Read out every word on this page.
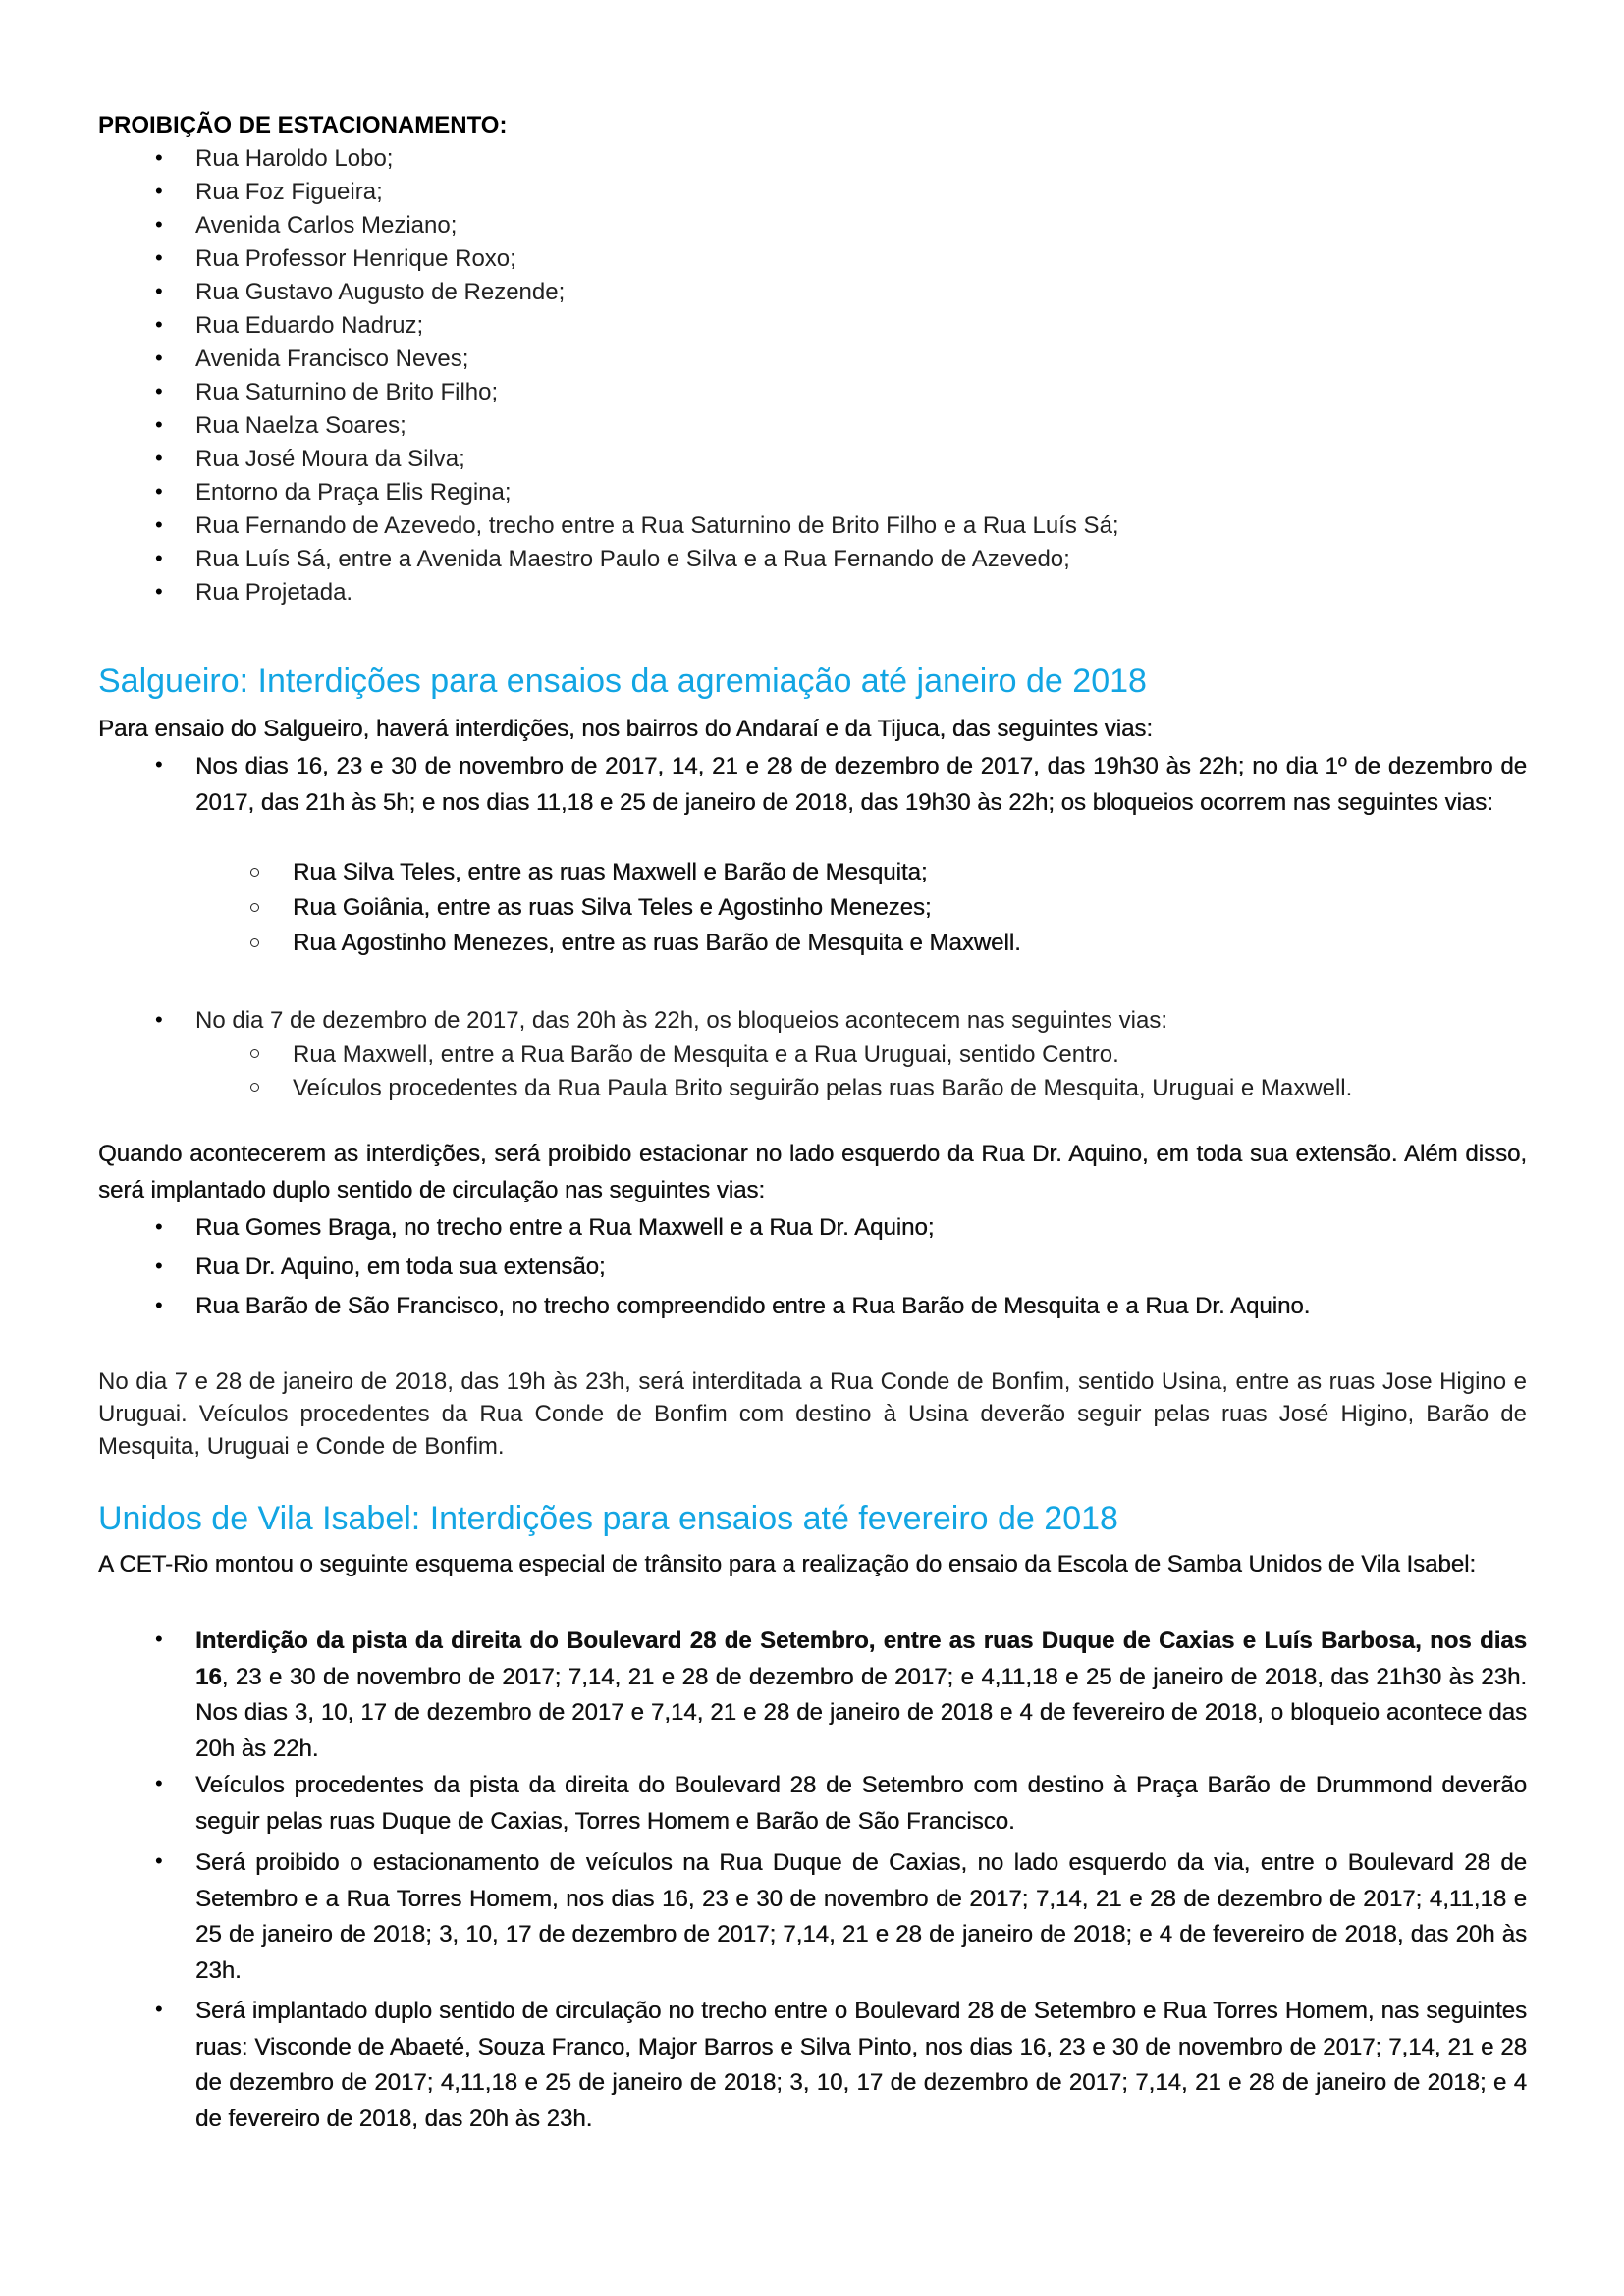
PROIBIÇÃO DE ESTACIONAMENTO:
• Rua Haroldo Lobo;
• Rua Foz Figueira;
• Avenida Carlos Meziano;
• Rua Professor Henrique Roxo;
• Rua Gustavo Augusto de Rezende;
• Rua Eduardo Nadruz;
• Avenida Francisco Neves;
• Rua Saturnino de Brito Filho;
• Rua Naelza Soares;
• Rua José Moura da Silva;
• Entorno da Praça Elis Regina;
• Rua Fernando de Azevedo, trecho entre a Rua Saturnino de Brito Filho e a Rua Luís Sá;
• Rua Luís Sá, entre a Avenida Maestro Paulo e Silva e a Rua Fernando de Azevedo;
• Rua Projetada.
Salgueiro: Interdições para ensaios da agremiação até janeiro de 2018
Para ensaio do Salgueiro, haverá interdições, nos bairros do Andaraí e da Tijuca, das seguintes vias:
• Nos dias 16, 23 e 30 de novembro de 2017, 14, 21 e 28 de dezembro de 2017, das 19h30 às 22h; no dia 1º de dezembro de 2017, das 21h às 5h; e nos dias 11,18 e 25 de janeiro de 2018, das 19h30 às 22h; os bloqueios ocorrem nas seguintes vias:
Rua Silva Teles, entre as ruas Maxwell e Barão de Mesquita;
Rua Goiânia, entre as ruas Silva Teles e Agostinho Menezes;
Rua Agostinho Menezes, entre as ruas Barão de Mesquita e Maxwell.
• No dia 7 de dezembro de 2017, das 20h às 22h, os bloqueios acontecem nas seguintes vias:
Rua Maxwell, entre a Rua Barão de Mesquita e a Rua Uruguai, sentido Centro.
Veículos procedentes da Rua Paula Brito seguirão pelas ruas Barão de Mesquita, Uruguai e Maxwell.
Quando acontecerem as interdições, será proibido estacionar no lado esquerdo da Rua Dr. Aquino, em toda sua extensão. Além disso, será implantado duplo sentido de circulação nas seguintes vias:
• Rua Gomes Braga, no trecho entre a Rua Maxwell e a Rua Dr. Aquino;
• Rua Dr. Aquino, em toda sua extensão;
• Rua Barão de São Francisco, no trecho compreendido entre a Rua Barão de Mesquita e a Rua Dr. Aquino.
No dia 7 e 28 de janeiro de 2018, das 19h às 23h, será interditada a Rua Conde de Bonfim, sentido Usina, entre as ruas Jose Higino e Uruguai. Veículos procedentes da Rua Conde de Bonfim com destino à Usina deverão seguir pelas ruas José Higino, Barão de Mesquita, Uruguai e Conde de Bonfim.
Unidos de Vila Isabel: Interdições para ensaios até fevereiro de 2018
A CET-Rio montou o seguinte esquema especial de trânsito para a realização do ensaio da Escola de Samba Unidos de Vila Isabel:
• Interdição da pista da direita do Boulevard 28 de Setembro, entre as ruas Duque de Caxias e Luís Barbosa, nos dias 16, 23 e 30 de novembro de 2017; 7,14, 21 e 28 de dezembro de 2017; e 4,11,18 e 25 de janeiro de 2018, das 21h30 às 23h. Nos dias 3, 10, 17 de dezembro de 2017 e 7,14, 21 e 28 de janeiro de 2018 e 4 de fevereiro de 2018, o bloqueio acontece das 20h às 22h.
• Veículos procedentes da pista da direita do Boulevard 28 de Setembro com destino à Praça Barão de Drummond deverão seguir pelas ruas Duque de Caxias, Torres Homem e Barão de São Francisco.
• Será proibido o estacionamento de veículos na Rua Duque de Caxias, no lado esquerdo da via, entre o Boulevard 28 de Setembro e a Rua Torres Homem, nos dias 16, 23 e 30 de novembro de 2017; 7,14, 21 e 28 de dezembro de 2017; 4,11,18 e 25 de janeiro de 2018; 3, 10, 17 de dezembro de 2017; 7,14, 21 e 28 de janeiro de 2018; e 4 de fevereiro de 2018, das 20h às 23h.
• Será implantado duplo sentido de circulação no trecho entre o Boulevard 28 de Setembro e Rua Torres Homem, nas seguintes ruas: Visconde de Abaeté, Souza Franco, Major Barros e Silva Pinto, nos dias 16, 23 e 30 de novembro de 2017; 7,14, 21 e 28 de dezembro de 2017; 4,11,18 e 25 de janeiro de 2018; 3, 10, 17 de dezembro de 2017; 7,14, 21 e 28 de janeiro de 2018; e 4 de fevereiro de 2018, das 20h às 23h.
